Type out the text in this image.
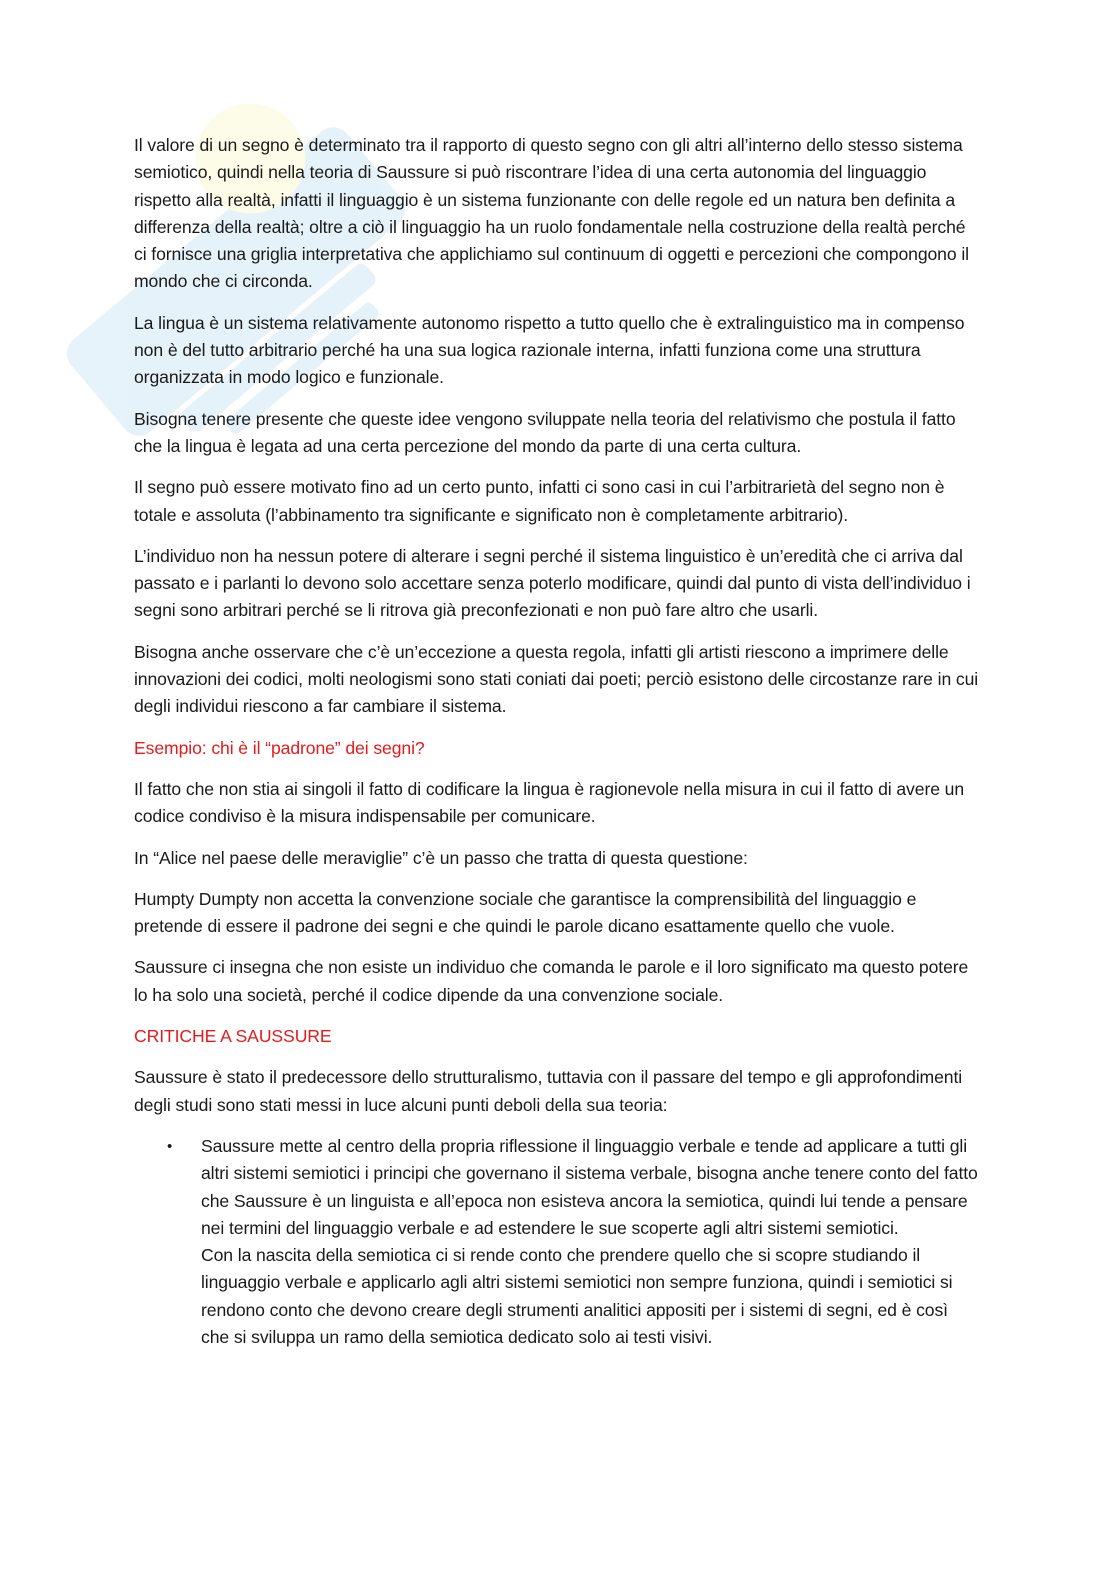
Il valore di un segno è determinato tra il rapporto di questo segno con gli altri all’interno dello stesso sistema semiotico, quindi nella teoria di Saussure si può riscontrare l’idea di una certa autonomia del linguaggio rispetto alla realtà, infatti il linguaggio è un sistema funzionante con delle regole ed un natura ben definita a differenza della realtà; oltre a ciò il linguaggio ha un ruolo fondamentale nella costruzione della realtà perché ci fornisce una griglia interpretativa che applichiamo sul continuum di oggetti e percezioni che compongono il mondo che ci circonda.

La lingua è un sistema relativamente autonomo rispetto a tutto quello che è extralinguistico ma in compenso non è del tutto arbitrario perché ha una sua logica razionale interna, infatti funziona come una struttura organizzata in modo logico e funzionale.

Bisogna tenere presente che queste idee vengono sviluppate nella teoria del relativismo che postula il fatto che la lingua è legata ad una certa percezione del mondo da parte di una certa cultura.

Il segno può essere motivato fino ad un certo punto, infatti ci sono casi in cui l’arbitrarietà del segno non è totale e assoluta (l’abbinamento tra significante e significato non è completamente arbitrario).

L’individuo non ha nessun potere di alterare i segni perché il sistema linguistico è un’eredità che ci arriva dal passato e i parlanti lo devono solo accettare senza poterlo modificare, quindi dal punto di vista dell’individuo i segni sono arbitrari perché se li ritrova già preconfezionati e non può fare altro che usarli.

Bisogna anche osservare che c’è un’eccezione a questa regola, infatti gli artisti riescono a imprimere delle innovazioni dei codici, molti neologismi sono stati coniati dai poeti; perciò esistono delle circostanze rare in cui degli individui riescono a far cambiare il sistema.

Esempio: chi è il “padrone” dei segni?

Il fatto che non stia ai singoli il fatto di codificare la lingua è ragionevole nella misura in cui il fatto di avere un codice condiviso è la misura indispensabile per comunicare.

In “Alice nel paese delle meraviglie” c’è un passo che tratta di questa questione:

Humpty Dumpty non accetta la convenzione sociale che garantisce la comprensibilità del linguaggio e pretende di essere il padrone dei segni e che quindi le parole dicano esattamente quello che vuole.

Saussure ci insegna che non esiste un individuo che comanda le parole e il loro significato ma questo potere lo ha solo una società, perché il codice dipende da una convenzione sociale.

CRITICHE A SAUSSURE

Saussure è stato il predecessore dello strutturalismo, tuttavia con il passare del tempo e gli approfondimenti degli studi sono stati messi in luce alcuni punti deboli della sua teoria:

• Saussure mette al centro della propria riflessione il linguaggio verbale e tende ad applicare a tutti gli altri sistemi semiotici i principi che governano il sistema verbale, bisogna anche tenere conto del fatto che Saussure è un linguista e all’epoca non esisteva ancora la semiotica, quindi lui tende a pensare nei termini del linguaggio verbale e ad estendere le sue scoperte agli altri sistemi semiotici.

Con la nascita della semiotica ci si rende conto che prendere quello che si scopre studiando il linguaggio verbale e applicarlo agli altri sistemi semiotici non sempre funziona, quindi i semiotici si rendono conto che devono creare degli strumenti analitici appositi per i sistemi di segni, ed è così che si sviluppa un ramo della semiotica dedicato solo ai testi visivi.
